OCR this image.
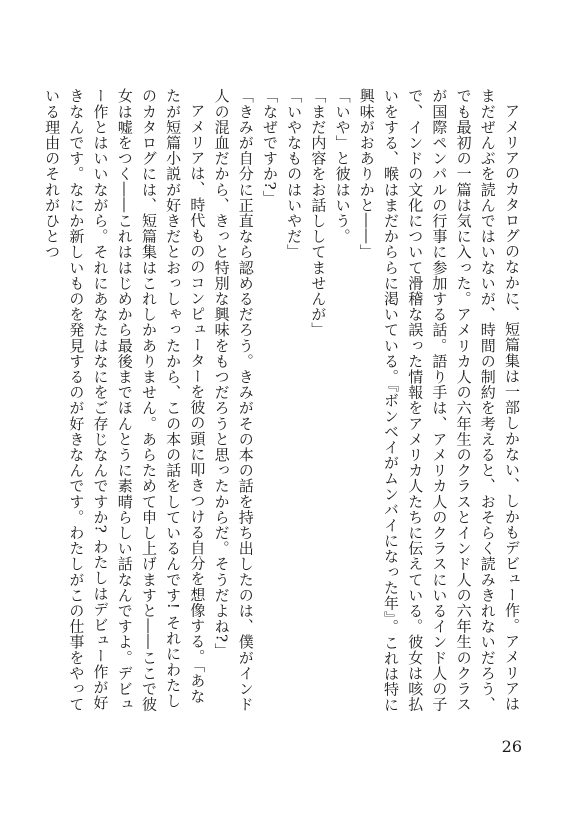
アメリアのカタログのなかに、短篇集は一部しかない、しかもデビュー作。アメリアはまだぜんぶを読んではいないが、時間の制約を考えると、おそらく読みきれないだろう、でも最初の一篇は気に入った。アメリカ人の六年生のクラスとインド人の六年生のクラスが国際ペンパルの行事に参加する話。語り手は、アメリカ人のクラスにいるインド人の子で、インドの文化について滑稽な誤った情報をアメリカ人たちに伝えている。彼女は咳払いをする、喉はまだかららに渇いている。『ボンベイがムンバイになった年』。これは特に興味がおありかと――」

「いや」と彼はいう。

「まだ内容をお話ししてませんが」

「いやなものはいやだ」

「なぜですか?」

「きみが自分に正直なら認めるだろう。きみがその本の話を持ち出したのは、僕がインド人の混血だから、きっと特別な興味をもつだろうと思ったからだ。そうだよね?」

アメリアは、時代もののコンピューターを彼の頭に叩きつける自分を想像する。「あなたが短篇小説が好きだとおっしゃったから、この本の話をしているんです! それにわたしのカタログには、短篇集はこれしかありません。あらためて申し上げますと――ここで彼女は嘘をつく――これははじめから最後までほんとうに素晴らしい話なんですよ。デビュー作とはいいながら。それにあなたはなにをご存じなんですか? わたしはデビュー作が好きなんです。なにか新しいものを発見するのが好きなんです。わたしがこの仕事をやっている理由のそれがひとつ

26
